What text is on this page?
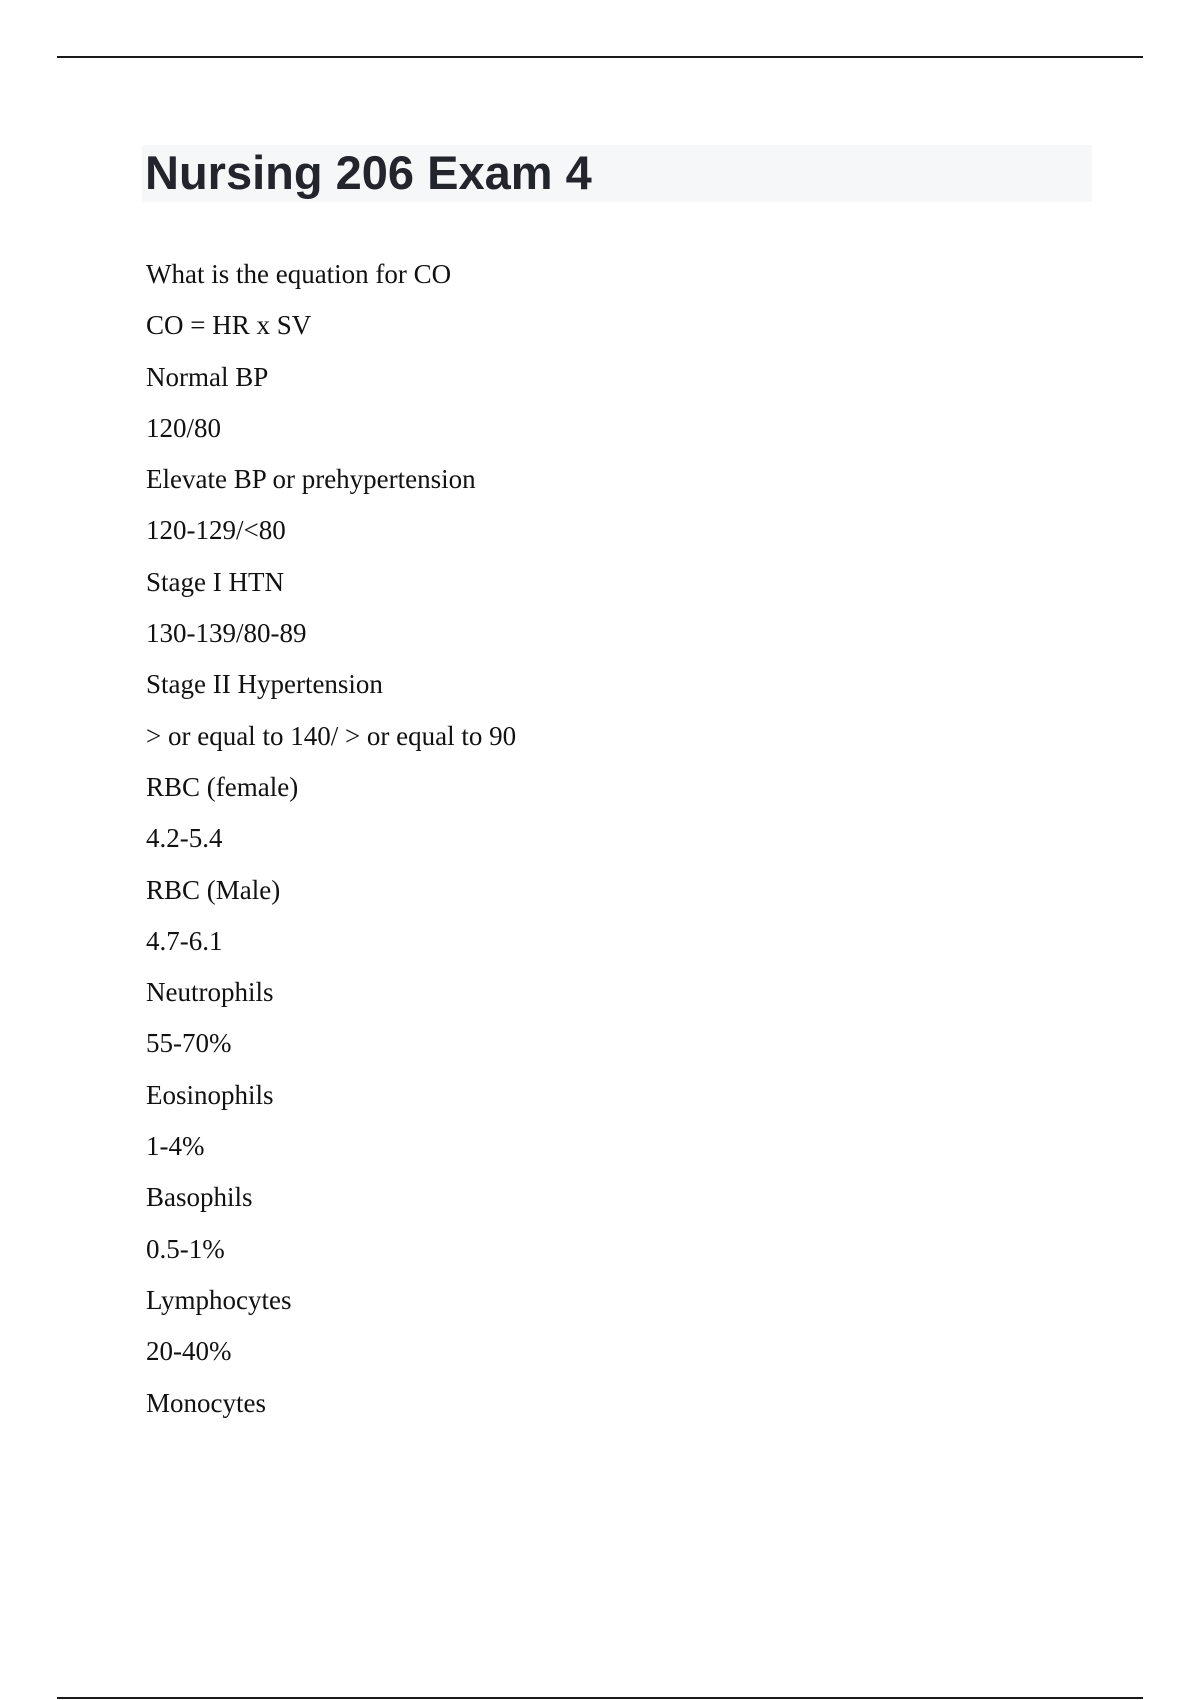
Nursing 206 Exam 4
What is the equation for CO
CO = HR x SV
Normal BP
120/80
Elevate BP or prehypertension
120-129/<80
Stage I HTN
130-139/80-89
Stage II Hypertension
> or equal to 140/ > or equal to 90
RBC (female)
4.2-5.4
RBC (Male)
4.7-6.1
Neutrophils
55-70%
Eosinophils
1-4%
Basophils
0.5-1%
Lymphocytes
20-40%
Monocytes
